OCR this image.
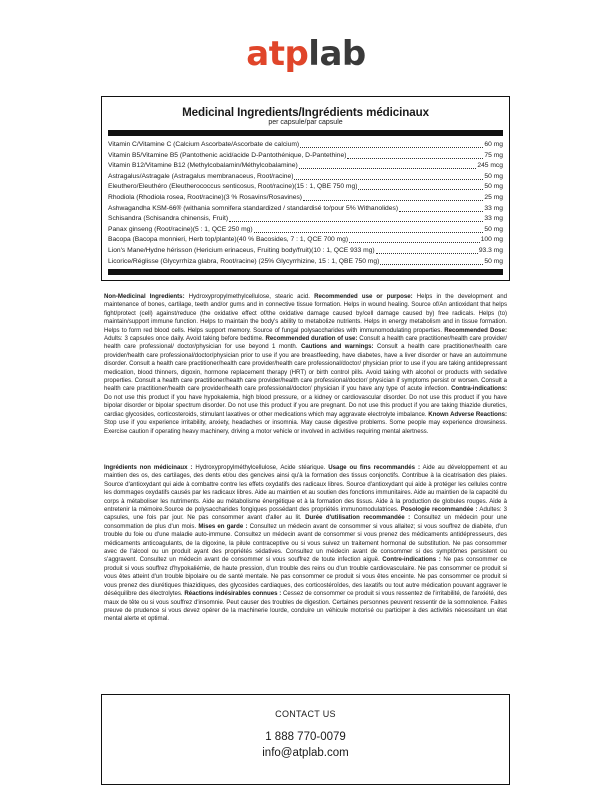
atplab
Medicinal Ingredients/Ingrédients médicinaux
per capsule/par capsule
Vitamin C/Vitamine C (Calcium Ascorbate/Ascorbate de calcium)	60 mg
Vitamin B5/Vitamine B5 (Pantothenic acid/acide D-Pantothénique, D-Pantethine)	75 mg
Vitamin B12/Vitamine B12 (Methylcobalamin/Méthylcobalamine)	245 mcg
Astragalus/Astragale (Astragalus membranaceus, Root/racine)	50 mg
Eleuthero/Eleuthéro (Eleutherococcus senticosus, Root/racine)(15 : 1, QBE 750 mg)	50 mg
Rhodiola (Rhodiola rosea, Root/racine)(3 % Rosavins/Rosavines)	25 mg
Ashwagandha KSM-66® (withania somnifera standardized / standardisé to/pour 5% Withanolides)	33 mg
Schisandra (Schisandra chinensis, Fruit)	33 mg
Panax ginseng (Root/racine)(5 : 1, QCE 250 mg)	50 mg
Bacopa (Bacopa monnieri, Herb top/plante)(40 % Bacosides, 7 : 1, QCE 700 mg)	100 mg
Lion's Mane/Hydne hérisson (Hericium erinaceus, Fruiting body/fruit)(10 : 1, QCE 933 mg)	93.3 mg
Licorice/Réglisse (Glycyrrhiza glabra, Root/racine) (25% Glycyrrhizine, 15 : 1, QBE 750 mg)	50 mg
Non-Medicinal Ingredients: Hydroxypropylmethylcellulose, stearic acid. Recommended use or purpose: Helps in the development and maintenance of bones, cartilage, teeth and/or gums and in connective tissue formation. Helps in wound healing. Source of/An antioxidant that helps fight/protect (cell) against/reduce (the oxidative effect of/the oxidative damage caused by/cell damage caused by) free radicals. Helps (to) maintain/support immune function. Helps to maintain the body's ability to metabolize nutrients. Helps in energy metabolism and in tissue formation. Helps to form red blood cells. Helps support memory. Source of fungal polysaccharides with immunomodulating properties. Recommended Dose: Adults: 3 capsules once daily. Avoid taking before bedtime. Recommended duration of use: Consult a health care practitioner/health care provider/ health care professional/ doctor/physician for use beyond 1 month. Cautions and warnings: Consult a health care practitioner/health care provider/health care professional/doctor/physician prior to use if you are breastfeeding, have diabetes, have a liver disorder or have an autoimmune disorder. Consult a health care practitioner/health care provider/health care professional/doctor/ physician prior to use if you are taking antidepressant medication, blood thinners, digoxin, hormone replacement therapy (HRT) or birth control pills. Avoid taking with alcohol or products with sedative properties. Consult a health care practitioner/health care provider/health care professional/doctor/ physician if symptoms persist or worsen. Consult a health care practitioner/health care provider/health care professional/doctor/ physician if you have any type of acute infection. Contra-indications: Do not use this product if you have hypokalemia, high blood pressure, or a kidney or cardiovascular disorder. Do not use this product if you have bipolar disorder or bipolar spectrum disorder. Do not use this product if you are pregnant. Do not use this product if you are taking thiazide diuretics, cardiac glycosides, corticosteroids, stimulant laxatives or other medications which may aggravate electrolyte imbalance. Known Adverse Reactions: Stop use if you experience irritability, anxiety, headaches or insomnia. May cause digestive problems. Some people may experience drowsiness. Exercise caution if operating heavy machinery, driving a motor vehicle or involved in activities requiring mental alertness.
Ingrédients non médicinaux : Hydroxypropylméthylcellulose, Acide stéarique. Usage ou fins recommandés : Aide au développement et au maintien des os, des cartilages, des dents et/ou des gencives ainsi qu'à la formation des tissus conjonctifs. Contribue à la cicatrisation des plaies. Source d'antioxydant qui aide à combattre contre les effets oxydatifs des radicaux libres. Source d'antioxydant qui aide à protéger les cellules contre les dommages oxydatifs causés par les radicaux libres. Aide au maintien et au soutien des fonctions immunitaires. Aide au maintien de la capacité du corps à métaboliser les nutriments. Aide au métabolisme énergétique et à la formation des tissus. Aide à la production de globules rouges. Aide à entretenir la mémoire.Source de polysaccharides fongiques possédant des propriétés immunomodulatrices. Posologie recommandée : Adultes: 3 capsules, une fois par jour. Ne pas consommer avant d'aller au lit. Durée d'utilisation recommandée : Consultez un médecin pour une consommation de plus d'un mois. Mises en garde : Consultez un médecin avant de consommer si vous allaitez; si vous souffrez de diabète, d'un trouble du foie ou d'une maladie auto-immune. Consultez un médecin avant de consommer si vous prenez des médicaments antidépresseurs, des médicaments anticoagulants, de la digoxine, la pilule contraceptive ou si vous suivez un traitement hormonal de substitution. Ne pas consommer avec de l'alcool ou un produit ayant des propriétés sédatives. Consultez un médecin avant de consommer si des symptômes persistent ou s'aggravent. Consultez un médecin avant de consommer si vous souffrez de toute infection aiguë. Contre-indications : Ne pas consommer ce produit si vous souffrez d'hypokaliémie, de haute pression, d'un trouble des reins ou d'un trouble cardiovasculaire. Ne pas consommer ce produit si vous êtes atteint d'un trouble bipolaire ou de santé mentale. Ne pas consommer ce produit si vous êtes enceinte. Ne pas consommer ce produit si vous prenez des diurétiques thiazidiques, des glycosides cardiaques, des corticostéroïdes, des laxatifs ou tout autre médication pouvant aggraver le déséquilibre des électrolytes. Réactions indésirables connues : Cessez de consommer ce produit si vous ressentez de l'irritabilité, de l'anxiété, des maux de tête ou si vous souffrez d'insomnie. Peut causer des troubles de digestion. Certaines personnes peuvent ressentir de la somnolence. Faites preuve de prudence si vous devez opérer de la machinerie lourde, conduire un véhicule motorisé ou participer à des activités nécessitant un état mental alerte et optimal.
CONTACT US
1 888 770-0079
info@atplab.com
